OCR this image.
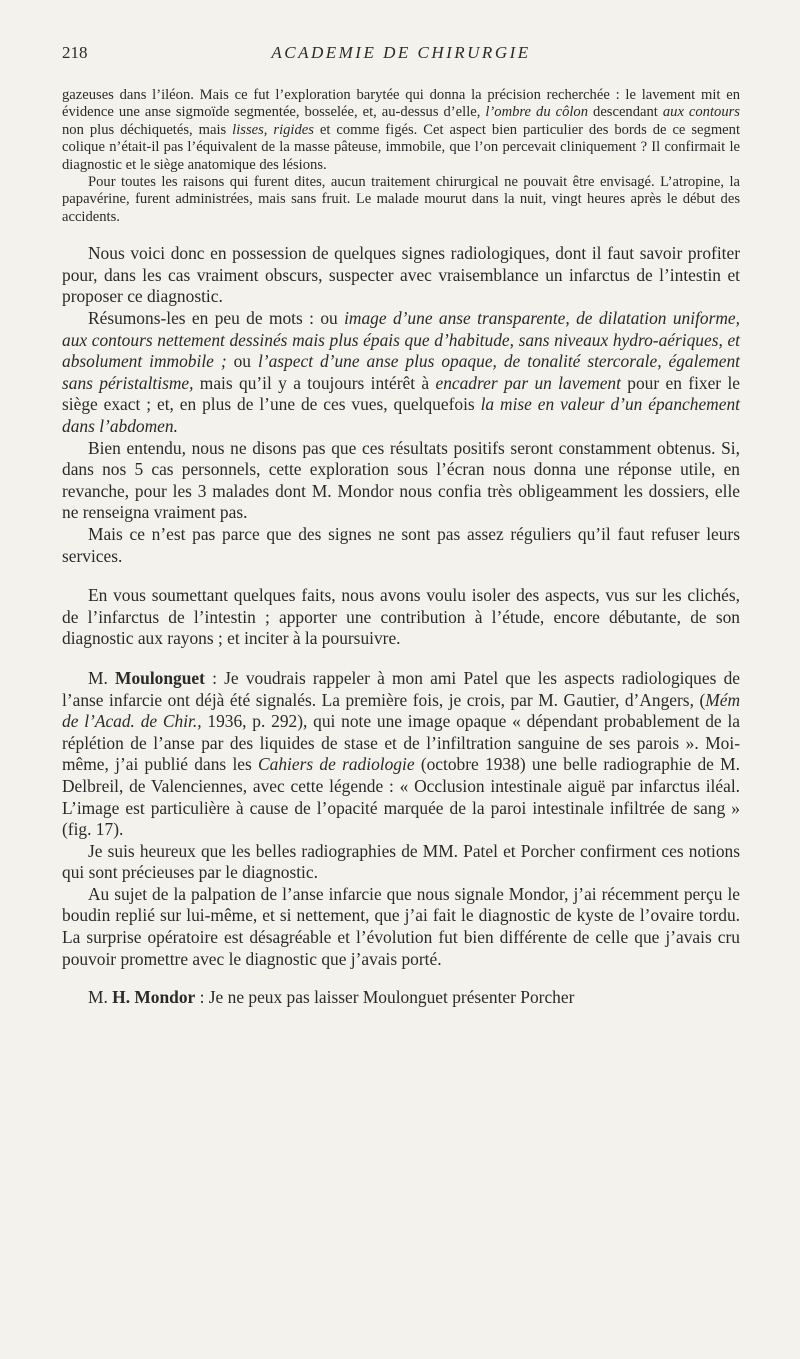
218	ACADEMIE DE CHIRURGIE

gazeuses dans l’iléon. Mais ce fut l’exploration barytée qui donna la précision recherchée : le lavement mit en évidence une anse sigmoïde segmentée, bosselée, et, au-dessus d’elle, l’ombre du côlon descendant aux contours non plus déchiquetés, mais lisses, rigides et comme figés. Cet aspect bien particulier des bords de ce segment colique n’était-il pas l’équivalent de la masse pâteuse, immobile, que l’on percevait cliniquement ? Il confirmait le diagnostic et le siège anatomique des lésions.

Pour toutes les raisons qui furent dites, aucun traitement chirurgical ne pouvait être envisagé. L’atropine, la papavérine, furent administrées, mais sans fruit. Le malade mourut dans la nuit, vingt heures après le début des accidents.

Nous voici donc en possession de quelques signes radiologiques, dont il faut savoir profiter pour, dans les cas vraiment obscurs, suspecter avec vraisemblance un infarctus de l’intestin et proposer ce diagnostic.

Résumons-les en peu de mots : ou image d’une anse transparente, de dilatation uniforme, aux contours nettement dessinés mais plus épais que d’habitude, sans niveaux hydro-aériques, et absolument immobile ; ou l’aspect d’une anse plus opaque, de tonalité stercorale, également sans péristaltisme, mais qu’il y a toujours intérêt à encadrer par un lavement pour en fixer le siège exact ; et, en plus de l’une de ces vues, quelquefois la mise en valeur d’un épanchement dans l’abdomen.

Bien entendu, nous ne disons pas que ces résultats positifs seront constamment obtenus. Si, dans nos 5 cas personnels, cette exploration sous l’écran nous donna une réponse utile, en revanche, pour les 3 malades dont M. Mondor nous confia très obligeamment les dossiers, elle ne renseigna vraiment pas.

Mais ce n’est pas parce que des signes ne sont pas assez réguliers qu’il faut refuser leurs services.

En vous soumettant quelques faits, nous avons voulu isoler des aspects, vus sur les clichés, de l’infarctus de l’intestin ; apporter une contribution à l’étude, encore débutante, de son diagnostic aux rayons ; et inciter à la poursuivre.

M. Moulonguet : Je voudrais rappeler à mon ami Patel que les aspects radiologiques de l’anse infarcie ont déjà été signalés. La première fois, je crois, par M. Gautier, d’Angers, (Mém de l’Acad. de Chir., 1936, p. 292), qui note une image opaque « dépendant probablement de la réplétion de l’anse par des liquides de stase et de l’infiltration sanguine de ses parois ». Moi-même, j’ai publié dans les Cahiers de radiologie (octobre 1938) une belle radiographie de M. Delbreil, de Valenciennes, avec cette légende : « Occlusion intestinale aiguë par infarctus iléal. L’image est particulière à cause de l’opacité marquée de la paroi intestinale infiltrée de sang » (fig. 17).

Je suis heureux que les belles radiographies de MM. Patel et Porcher confirment ces notions qui sont précieuses par le diagnostic.

Au sujet de la palpation de l’anse infarcie que nous signale Mondor, j’ai récemment perçu le boudin replié sur lui-même, et si nettement, que j’ai fait le diagnostic de kyste de l’ovaire tordu. La surprise opératoire est désagréable et l’évolution fut bien différente de celle que j’avais cru pouvoir promettre avec le diagnostic que j’avais porté.

M. H. Mondor : Je ne peux pas laisser Moulonguet présenter Porcher
